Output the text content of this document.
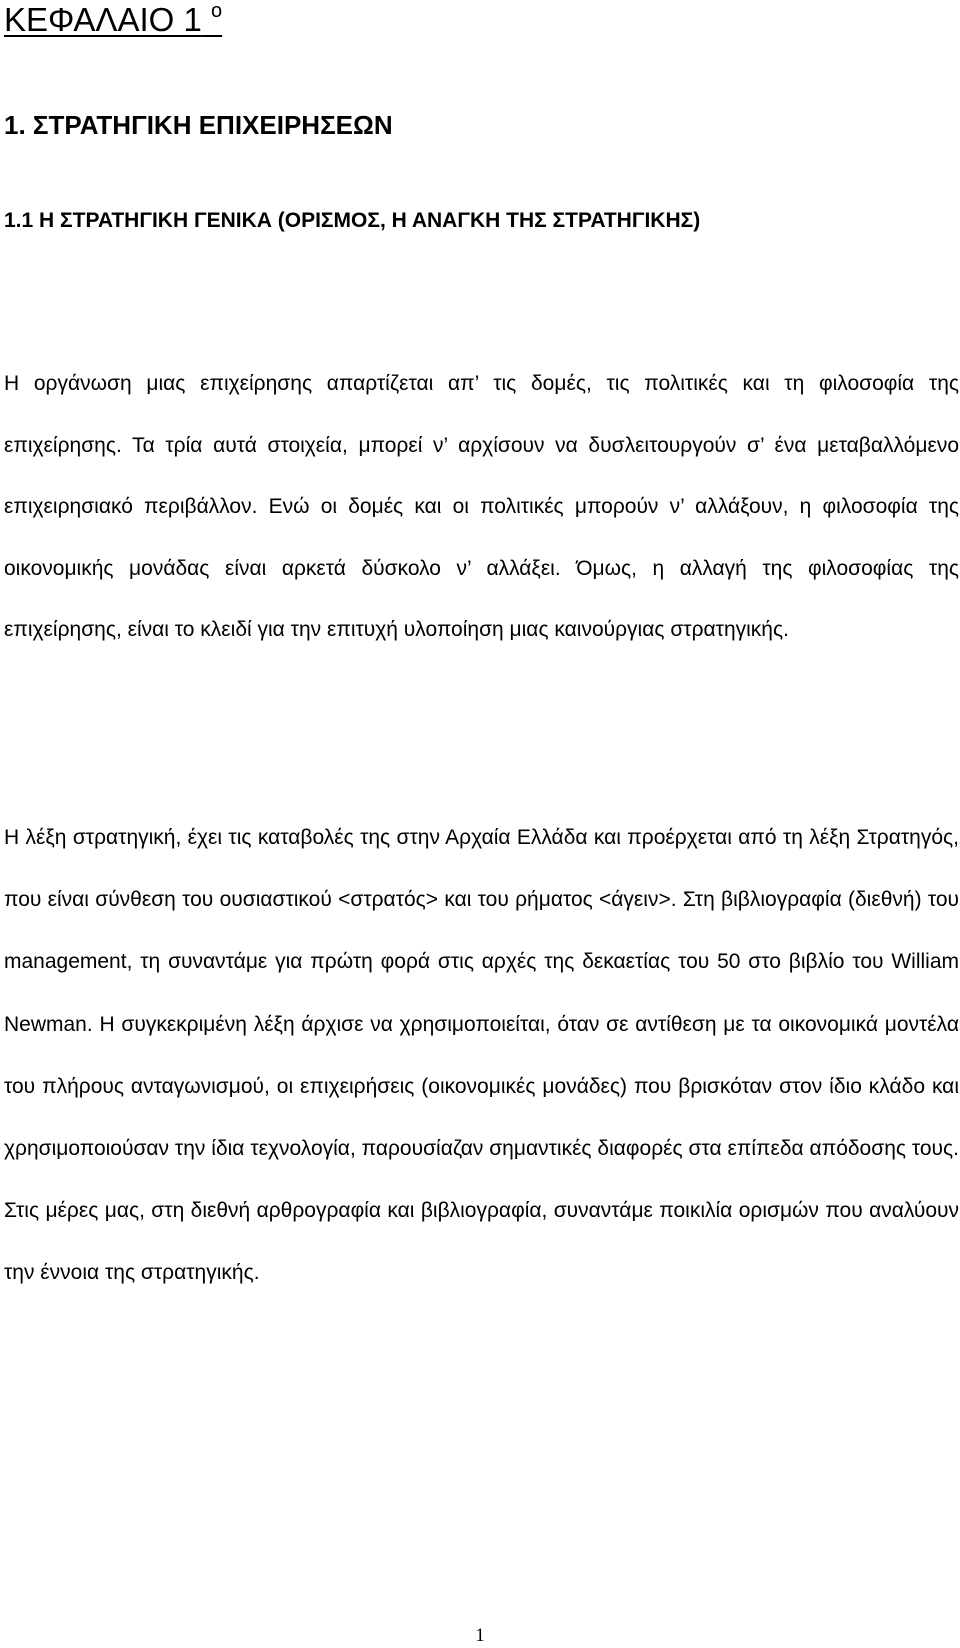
ΚΕΦΑΛΑΙΟ 1 $^o$
1. ΣΤΡΑΤΗΓΙΚΗ ΕΠΙΧΕΙΡΗΣΕΩΝ
1.1 Η ΣΤΡΑΤΗΓΙΚΗ ΓΕΝΙΚΑ (ΟΡΙΣΜΟΣ, Η ΑΝΑΓΚΗ ΤΗΣ ΣΤΡΑΤΗΓΙΚΗΣ)

Η οργάνωση μιας επιχείρησης απαρτίζεται απ’ τις δομές, τις πολιτικές και τη φιλοσοφία της επιχείρησης. Τα τρία αυτά στοιχεία, μπορεί ν’ αρχίσουν να δυσλειτουργούν σ’ ένα μεταβαλλόμενο επιχειρησιακό περιβάλλον. Ενώ οι δομές και οι πολιτικές μπορούν ν’ αλλάξουν, η φιλοσοφία της οικονομικής μονάδας είναι αρκετά δύσκολο ν’ αλλάξει. Όμως, η αλλαγή της φιλοσοφίας της επιχείρησης, είναι το κλειδί για την επιτυχή υλοποίηση μιας καινούργιας στρατηγικής.

Η λέξη στρατηγική, έχει τις καταβολές της στην Αρχαία Ελλάδα και προέρχεται από τη λέξη Στρατηγός, που είναι σύνθεση του ουσιαστικού <στρατός> και του ρήματος <άγειν>. Στη βιβλιογραφία (διεθνή) του management, τη συναντάμε για πρώτη φορά στις αρχές της δεκαετίας του 50 στο βιβλίο του William Newman. Η συγκεκριμένη λέξη άρχισε να χρησιμοποιείται, όταν σε αντίθεση με τα οικονομικά μοντέλα του πλήρους ανταγωνισμού, οι επιχειρήσεις (οικονομικές μονάδες) που βρισκόταν στον ίδιο κλάδο και χρησιμοποιούσαν την ίδια τεχνολογία, παρουσίαζαν σημαντικές διαφορές στα επίπεδα απόδοσης τους. Στις μέρες μας, στη διεθνή αρθρογραφία και βιβλιογραφία, συναντάμε ποικιλία ορισμών που αναλύουν την έννοια της στρατηγικής.

1
